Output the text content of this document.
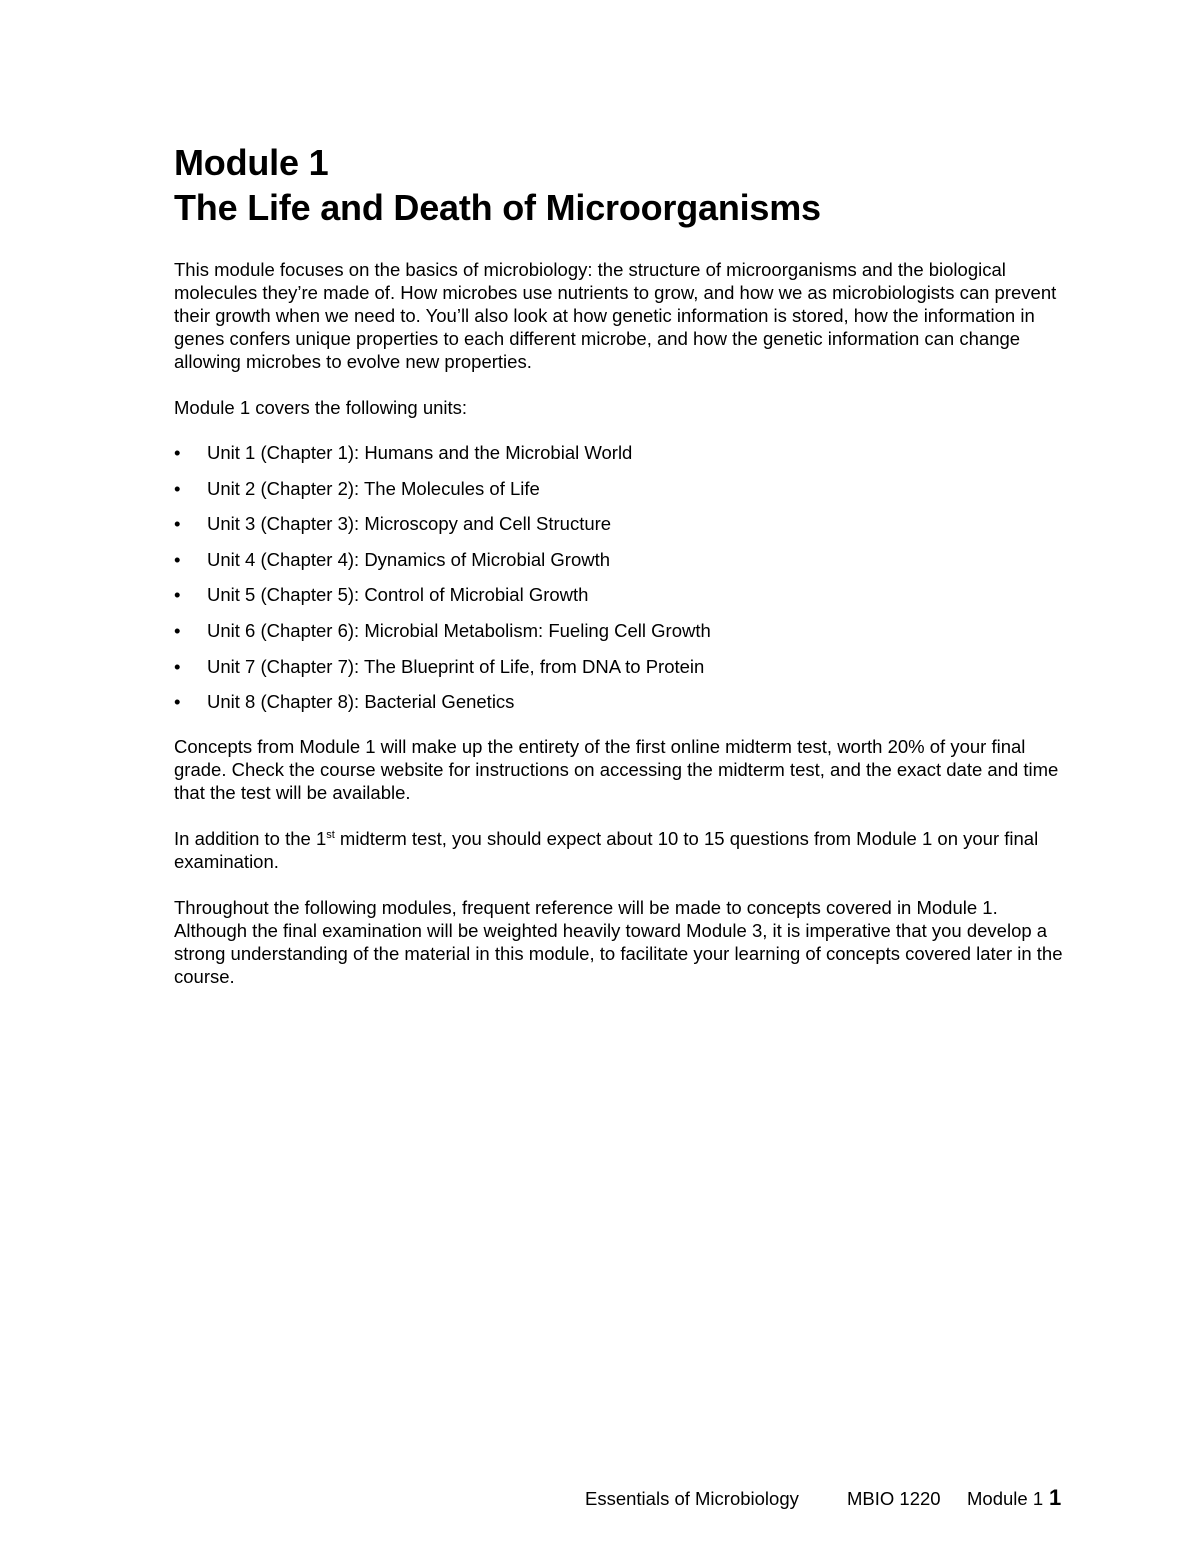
Module 1
The Life and Death of Microorganisms

This module focuses on the basics of microbiology: the structure of microorganisms and the biological molecules they’re made of. How microbes use nutrients to grow, and how we as microbiologists can prevent their growth when we need to. You’ll also look at how genetic information is stored, how the information in genes confers unique properties to each different microbe, and how the genetic information can change allowing microbes to evolve new properties.

Module 1 covers the following units:

• Unit 1 (Chapter 1): Humans and the Microbial World
• Unit 2 (Chapter 2): The Molecules of Life
• Unit 3 (Chapter 3): Microscopy and Cell Structure
• Unit 4 (Chapter 4): Dynamics of Microbial Growth
• Unit 5 (Chapter 5): Control of Microbial Growth
• Unit 6 (Chapter 6): Microbial Metabolism: Fueling Cell Growth
• Unit 7 (Chapter 7): The Blueprint of Life, from DNA to Protein
• Unit 8 (Chapter 8): Bacterial Genetics

Concepts from Module 1 will make up the entirety of the first online midterm test, worth 20% of your final grade. Check the course website for instructions on accessing the midterm test, and the exact date and time that the test will be available.

In addition to the 1st midterm test, you should expect about 10 to 15 questions from Module 1 on your final examination.

Throughout the following modules, frequent reference will be made to concepts covered in Module 1. Although the final examination will be weighted heavily toward Module 3, it is imperative that you develop a strong understanding of the material in this module, to facilitate your learning of concepts covered later in the course.

Essentials of Microbiology	MBIO 1220 Module 1 1
